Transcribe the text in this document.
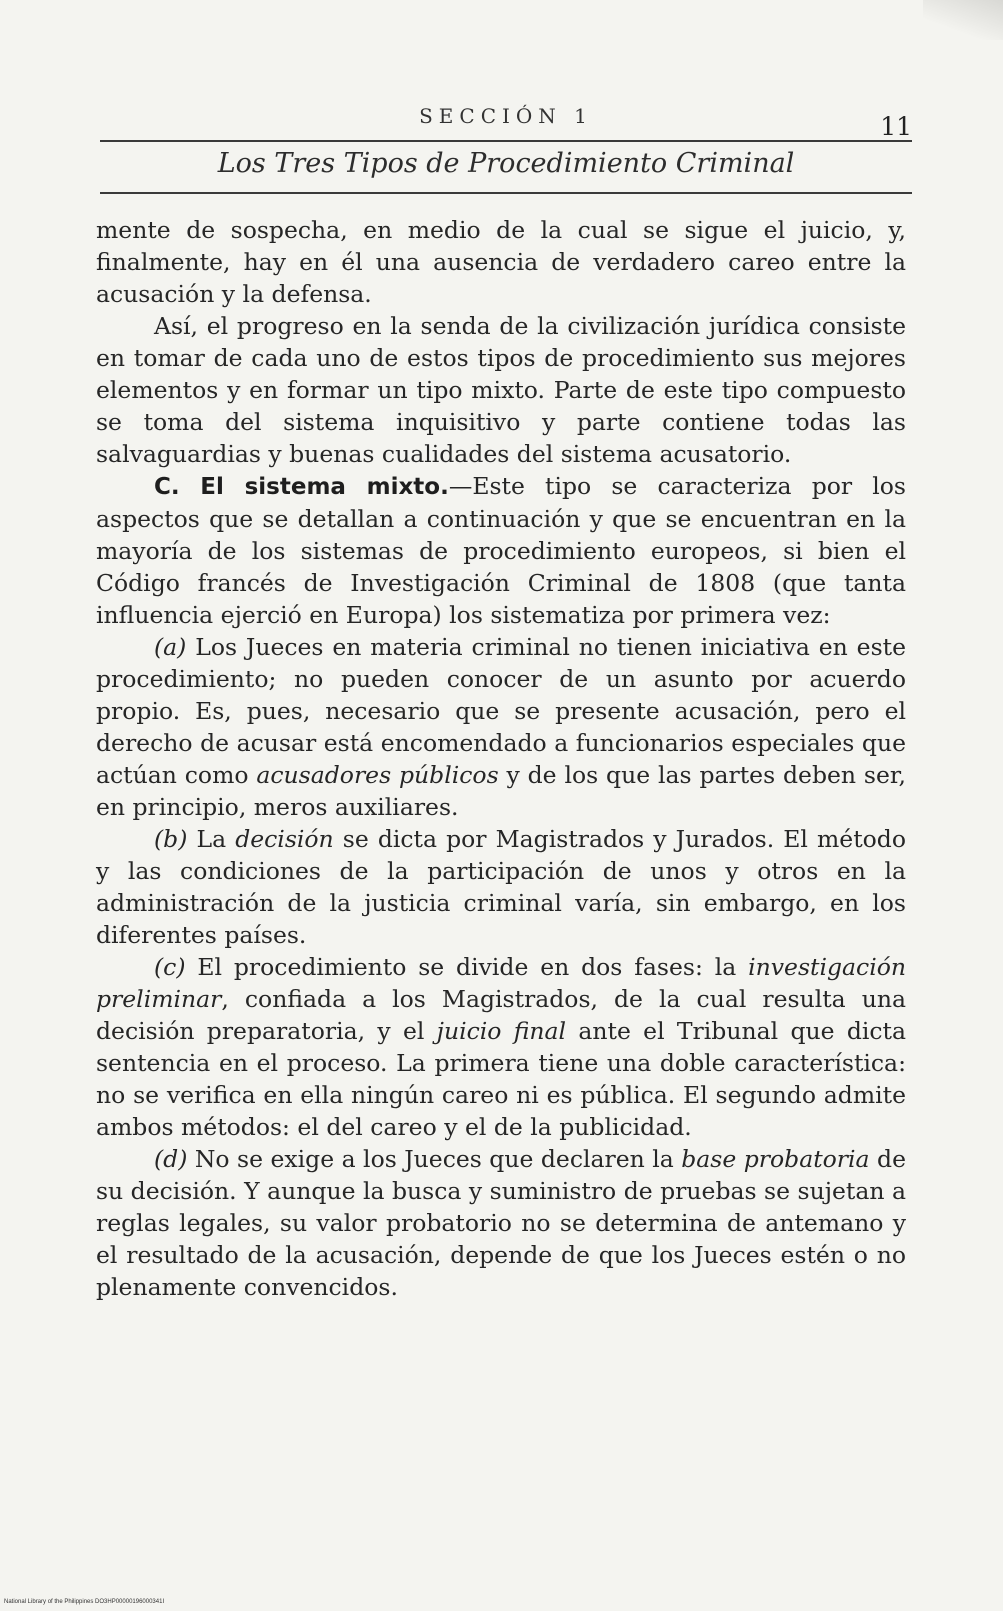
SECCIÓN 1	11
Los Tres Tipos de Procedimiento Criminal

mente de sospecha, en medio de la cual se sigue el juicio, y, finalmente, hay en él una ausencia de verdadero careo entre la acusación y la defensa.

Así, el progreso en la senda de la civilización jurídica consiste en tomar de cada uno de estos tipos de procedimiento sus mejores elementos y en formar un tipo mixto. Parte de este tipo compuesto se toma del sistema inquisitivo y parte contiene todas las salvaguardias y buenas cualidades del sistema acusatorio.

C. El sistema mixto.—Este tipo se caracteriza por los aspectos que se detallan a continuación y que se encuentran en la mayoría de los sistemas de procedimiento europeos, si bien el Código francés de Investigación Criminal de 1808 (que tanta influencia ejerció en Europa) los sistematiza por primera vez:

(a) Los Jueces en materia criminal no tienen iniciativa en este procedimiento; no pueden conocer de un asunto por acuerdo propio. Es, pues, necesario que se presente acusación, pero el derecho de acusar está encomendado a funcionarios especiales que actúan como acusadores públicos y de los que las partes deben ser, en principio, meros auxiliares.

(b) La decisión se dicta por Magistrados y Jurados. El método y las condiciones de la participación de unos y otros en la administración de la justicia criminal varía, sin embargo, en los diferentes países.

(c) El procedimiento se divide en dos fases: la investigación preliminar, confiada a los Magistrados, de la cual resulta una decisión preparatoria, y el juicio final ante el Tribunal que dicta sentencia en el proceso. La primera tiene una doble característica: no se verifica en ella ningún careo ni es pública. El segundo admite ambos métodos: el del careo y el de la publicidad.

(d) No se exige a los Jueces que declaren la base probatoria de su decisión. Y aunque la busca y suministro de pruebas se sujetan a reglas legales, su valor probatorio no se determina de antemano y el resultado de la acusación, depende de que los Jueces estén o no plenamente convencidos.

National Library of the Philippines DO3HP00000196000341I
